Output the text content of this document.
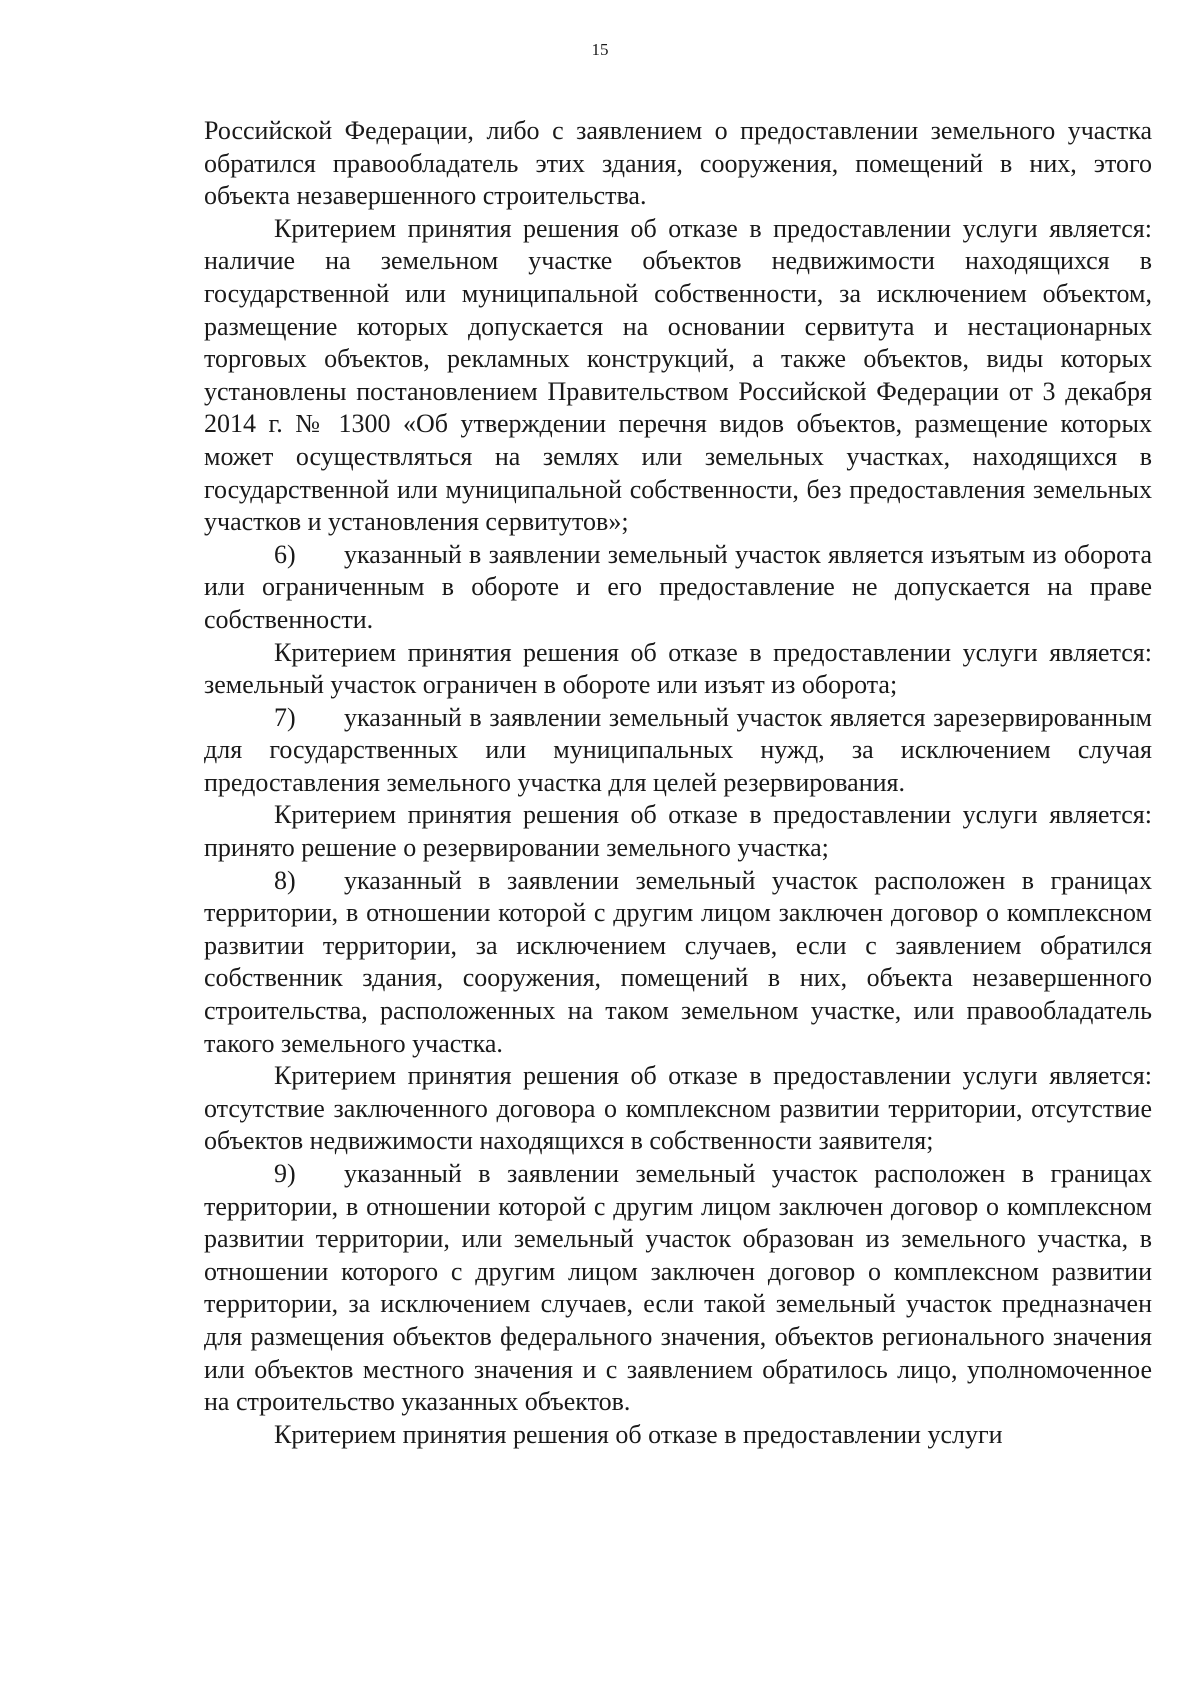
15

Российской Федерации, либо с заявлением о предоставлении земельного участка обратился правообладатель этих здания, сооружения, помещений в них, этого объекта незавершенного строительства.

Критерием принятия решения об отказе в предоставлении услуги является: наличие на земельном участке объектов недвижимости находящихся в государственной или муниципальной собственности, за исключением объектом, размещение которых допускается на основании сервитута и нестационарных торговых объектов, рекламных конструкций, а также объектов, виды которых установлены постановлением Правительством Российской Федерации от 3 декабря 2014 г. № 1300 «Об утверждении перечня видов объектов, размещение которых может осуществляться на землях или земельных участках, находящихся в государственной или муниципальной собственности, без предоставления земельных участков и установления сервитутов»;

6) указанный в заявлении земельный участок является изъятым из оборота или ограниченным в обороте и его предоставление не допускается на праве собственности.

Критерием принятия решения об отказе в предоставлении услуги является: земельный участок ограничен в обороте или изъят из оборота;

7) указанный в заявлении земельный участок является зарезервированным для государственных или муниципальных нужд, за исключением случая предоставления земельного участка для целей резервирования.

Критерием принятия решения об отказе в предоставлении услуги является: принято решение о резервировании земельного участка;

8) указанный в заявлении земельный участок расположен в границах территории, в отношении которой с другим лицом заключен договор о комплексном развитии территории, за исключением случаев, если с заявлением обратился собственник здания, сооружения, помещений в них, объекта незавершенного строительства, расположенных на таком земельном участке, или правообладатель такого земельного участка.

Критерием принятия решения об отказе в предоставлении услуги является: отсутствие заключенного договора о комплексном развитии территории, отсутствие объектов недвижимости находящихся в собственности заявителя;

9) указанный в заявлении земельный участок расположен в границах территории, в отношении которой с другим лицом заключен договор о комплексном развитии территории, или земельный участок образован из земельного участка, в отношении которого с другим лицом заключен договор о комплексном развитии территории, за исключением случаев, если такой земельный участок предназначен для размещения объектов федерального значения, объектов регионального значения или объектов местного значения и с заявлением обратилось лицо, уполномоченное на строительство указанных объектов.

Критерием принятия решения об отказе в предоставлении услуги
